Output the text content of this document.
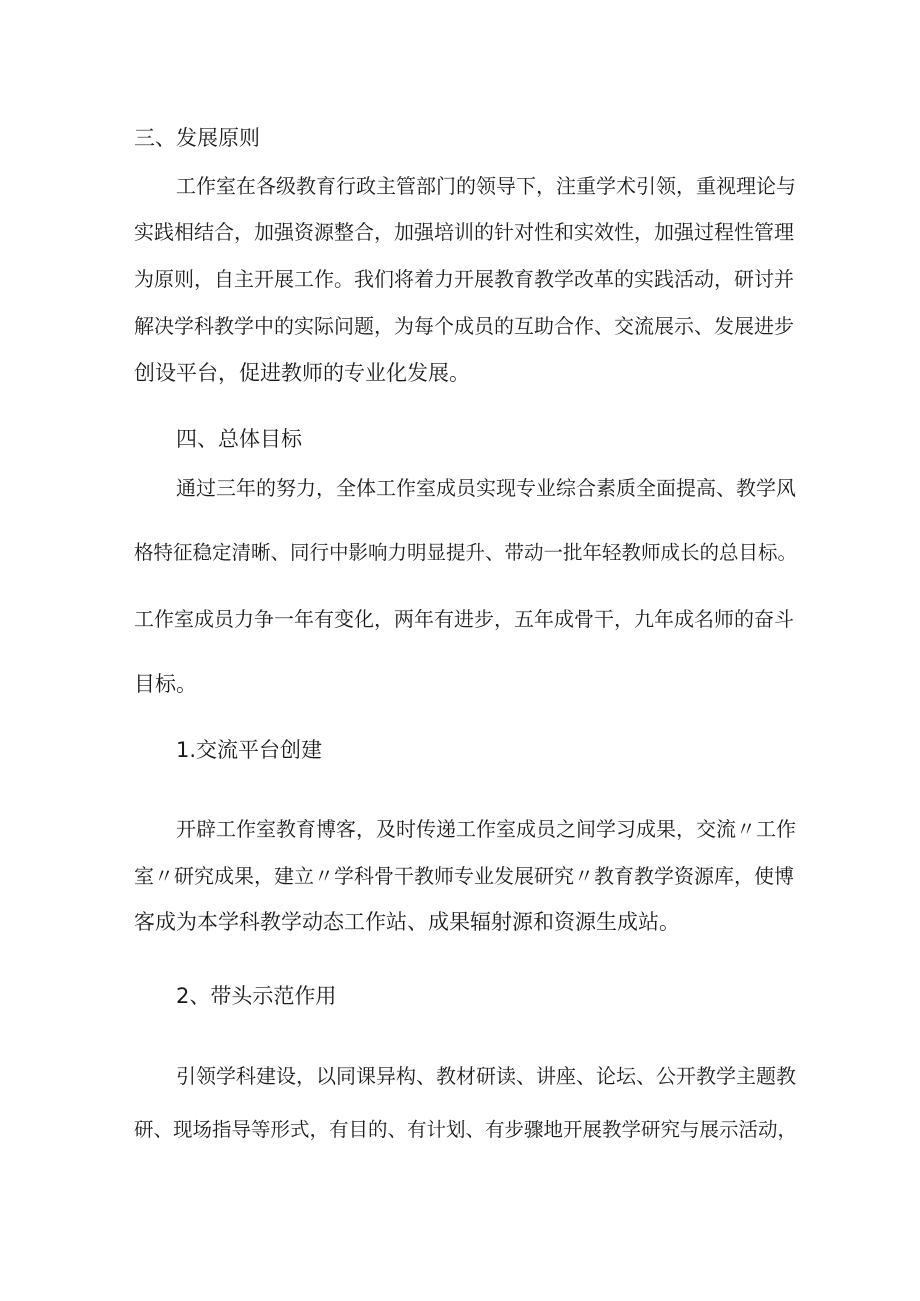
三、发展原则
工作室在各级教育行政主管部门的领导下，注重学术引领，重视理论与
实践相结合，加强资源整合，加强培训的针对性和实效性，加强过程性管理
为原则，自主开展工作。我们将着力开展教育教学改革的实践活动，研讨并
解决学科教学中的实际问题，为每个成员的互助合作、交流展示、发展进步
创设平台，促进教师的专业化发展。
四、总体目标
通过三年的努力，全体工作室成员实现专业综合素质全面提高、教学风
格特征稳定清晰、同行中影响力明显提升、带动一批年轻教师成长的总目标。
工作室成员力争一年有变化，两年有进步，五年成骨干，九年成名师的奋斗
目标。
1.交流平台创建
开辟工作室教育博客，及时传递工作室成员之间学习成果，交流〃工作
室〃研究成果，建立〃学科骨干教师专业发展研究〃教育教学资源库，使博
客成为本学科教学动态工作站、成果辐射源和资源生成站。
2、带头示范作用
引领学科建设，以同课异构、教材研读、讲座、论坛、公开教学主题教
研、现场指导等形式，有目的、有计划、有步骤地开展教学研究与展示活动，
